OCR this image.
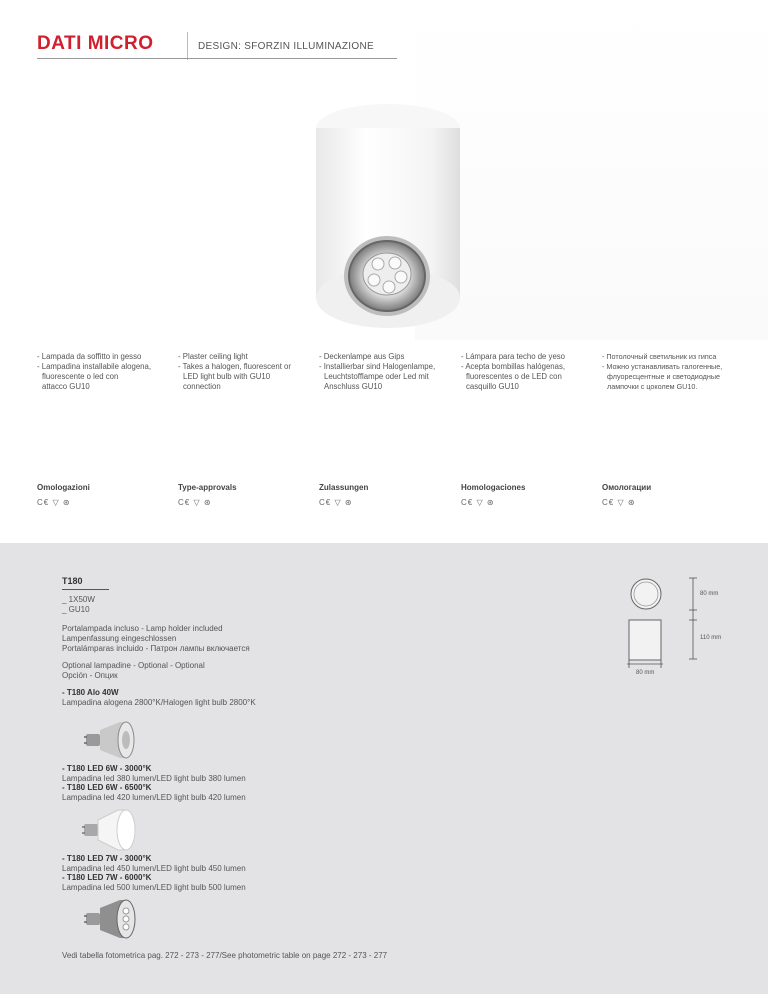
DATI MICRO	DESIGN: SFORZIN ILLUMINAZIONE
- Lampada da soffitto in gesso
- Lampadina installabile alogena,
fluorescente o led con
attacco GU10
- Plaster ceiling light
- Takes a halogen, fluorescent or
LED light bulb with GU10
connection
- Deckenlampe aus Gips
- Installierbar sind Halogenlampe,
Leuchtstofflampe oder Led mit
Anschluss GU10
- Lámpara para techo de yeso
- Acepta bombillas halógenas,
fluorescentes o de LED con
casquillo GU10
- Потолочный светильник из гипса
- Можно устанавливать галогенные,
флуоресцентные и светодиодные
лампочки с цоколем GU10.
Omologazioni	Type-approvals	Zulassungen	Homologaciones	Омологации
C€ ▽ ⊛	C€ ▽ ⊛	C€ ▽ ⊛	C€ ▽ ⊛	C€ ▽ ⊛
T180
_ 1X50W
_ GU10
Portalampada incluso - Lamp holder included
Lampenfassung eingeschlossen
Portalámparas incluido - Патрон лампы включается
Optional lampadine - Optional - Optional
Opción - Опцик
- T180 Alo 40W
Lampadina alogena 2800°K/Halogen light bulb 2800°K
- T180 LED 6W - 3000°K
Lampadina led 380 lumen/LED light bulb 380 lumen
- T180 LED 6W - 6500°K
Lampadina led 420 lumen/LED light bulb 420 lumen
- T180 LED 7W - 3000°K
Lampadina led 450 lumen/LED light bulb 450 lumen
- T180 LED 7W - 6000°K
Lampadina led 500 lumen/LED light bulb 500 lumen
Vedi tabella fotometrica pag. 272 - 273 - 277/See photometric table on page 272 - 273 - 277
80 mm
110 mm
80 mm
